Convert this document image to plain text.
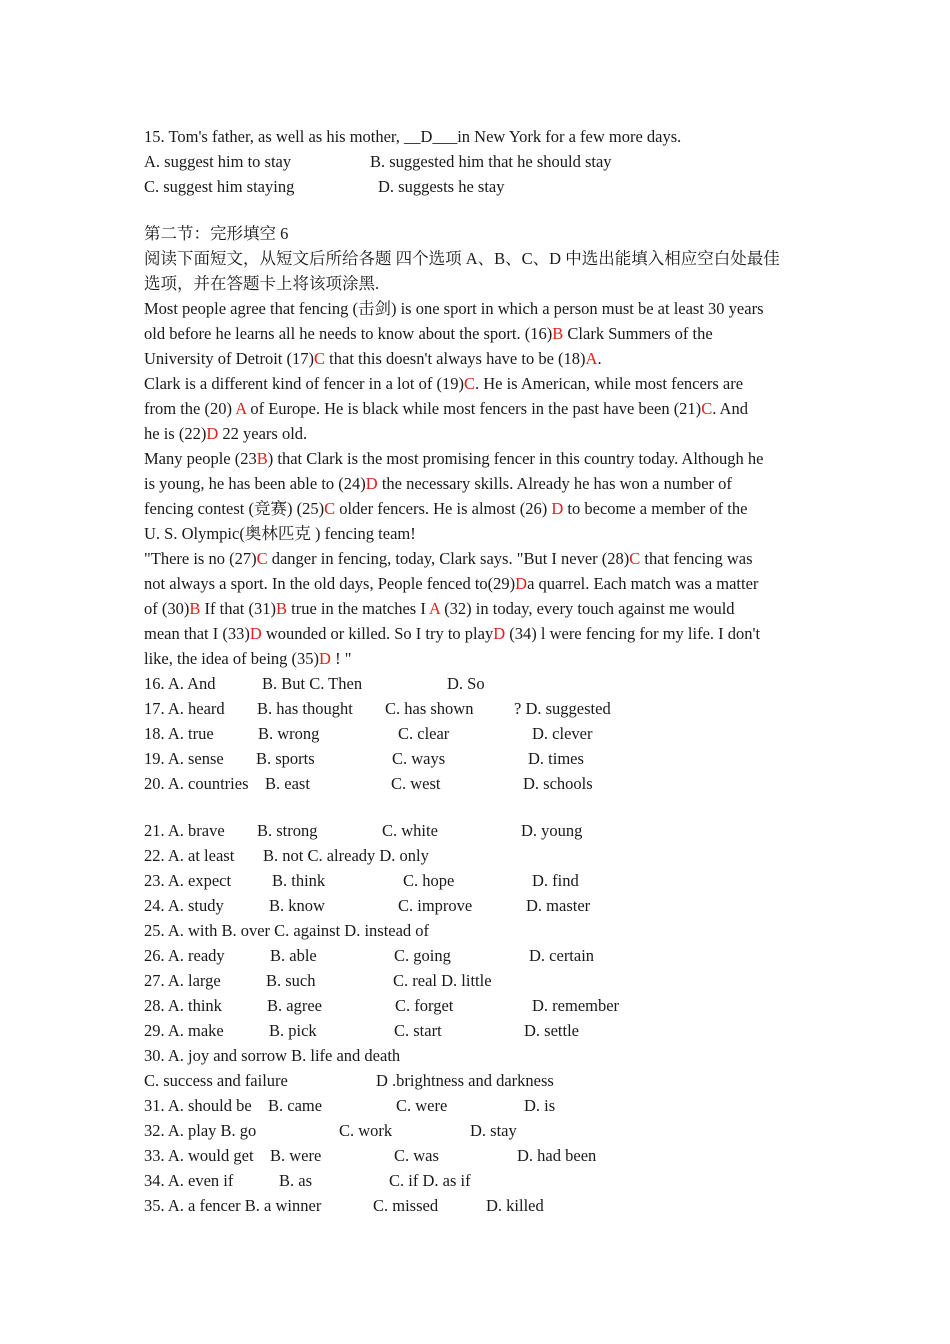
15. Tom's father, as well as his mother, __D___in New York for a few more days.

A. suggest him to stay

	B. suggested him that he should stay

C. suggest him staying

	D. suggests he stay

第二节：完形填空 6
阅读下面短文，从短文后所给各题 四个选项 A、B、C、D 中选出能填入相应空白处最佳
选项，并在答题卡上将该项涂黑.
Most people agree that fencing (击剑) is one sport in which a person must be at least 30 years
old before he learns all he needs to know about the sport. (16)B Clark Summers of the
University of Detroit (17)C that this doesn't always have to be (18)A.
Clark is a different kind of fencer in a lot of (19)C. He is American, while most fencers are
from the (20) A of Europe. He is black while most fencers in the past have been (21)C. And
he is (22)D 22 years old.
Many people (23B) that Clark is the most promising fencer in this country today. Although he
is young, he has been able to (24)D the necessary skills. Already he has won a number of
fencing contest (竞赛) (25)C older fencers. He is almost (26) D to become a member of the
U. S. Olympic(奥林匹克 ) fencing team!
"There is no (27)C danger in fencing, today, Clark says. "But I never (28)C that fencing was
not always a sport. In the old days, People fenced to(29)Da quarrel. Each match was a matter
of (30)B If that (31)B true in the matches I A (32) in today, every touch against me would
mean that I (33)D wounded or killed. So I try to playD (34) l were fencing for my life. I don't
like, the idea of being (35)D ! "
16. A. And	B. But C. Then	D. So
17. A. heard B. has thought C. has shown ? D. suggested
18. A. true	B. wrong	C. clear	D. clever
19. A. sense B. sports	C. ways	D. times
20. A. countries B. east	C. west	D. schools
21. A. brave B. strong	C. white	D. young
22. A. at least B. not C. already D. only
23. A. expect B. think	C. hope	D. find
24. A. study	B. know	C. improve	D. master
25. A. with B. over C. against D. instead of
26. A. ready	B. able	C. going	D. certain
27. A. large	B. such	C. real D. little
28. A. think	B. agree	C. forget	D. remember
29. A. make	B. pick	C. start	D. settle
30. A. joy and sorrow B. life and death
C. success and failure	D .brightness and darkness
31. A. should be B. came	C. were	D. is
32. A. play B. go	C. work	D. stay
33. A. would get B. were	C. was	D. had been
34. A. even if	B. as	C. if D. as if
35. A. a fencer B. a winner	C. missed	D. killed
